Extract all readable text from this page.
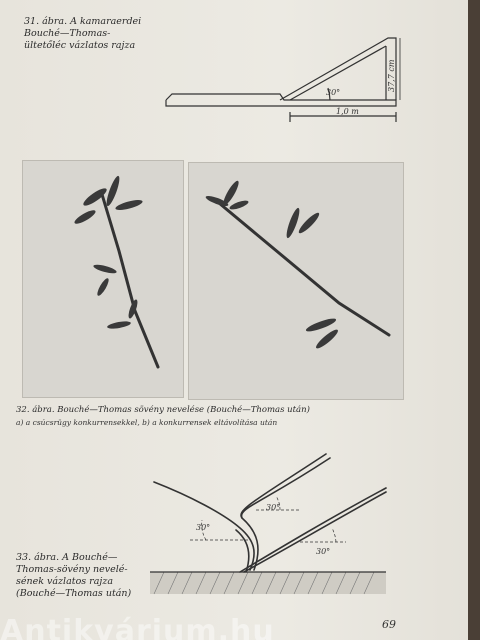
31. ábra. A kamaraerdei
Bouché—Thomas-
ültetőléc vázlatos rajza
30°
1,0 m
37,7 cm
32. ábra. Bouché—Thomas sövény nevelése (Bouché—Thomas után)
a) a csúcsrügy konkurrensekkel, b) a konkurrensek eltávolítása után
30°
30°
30°
33. ábra. A Bouché—
Thomas-sövény nevelé-
sének vázlatos rajza
(Bouché—Thomas után)
69
Antikvárium.hu
